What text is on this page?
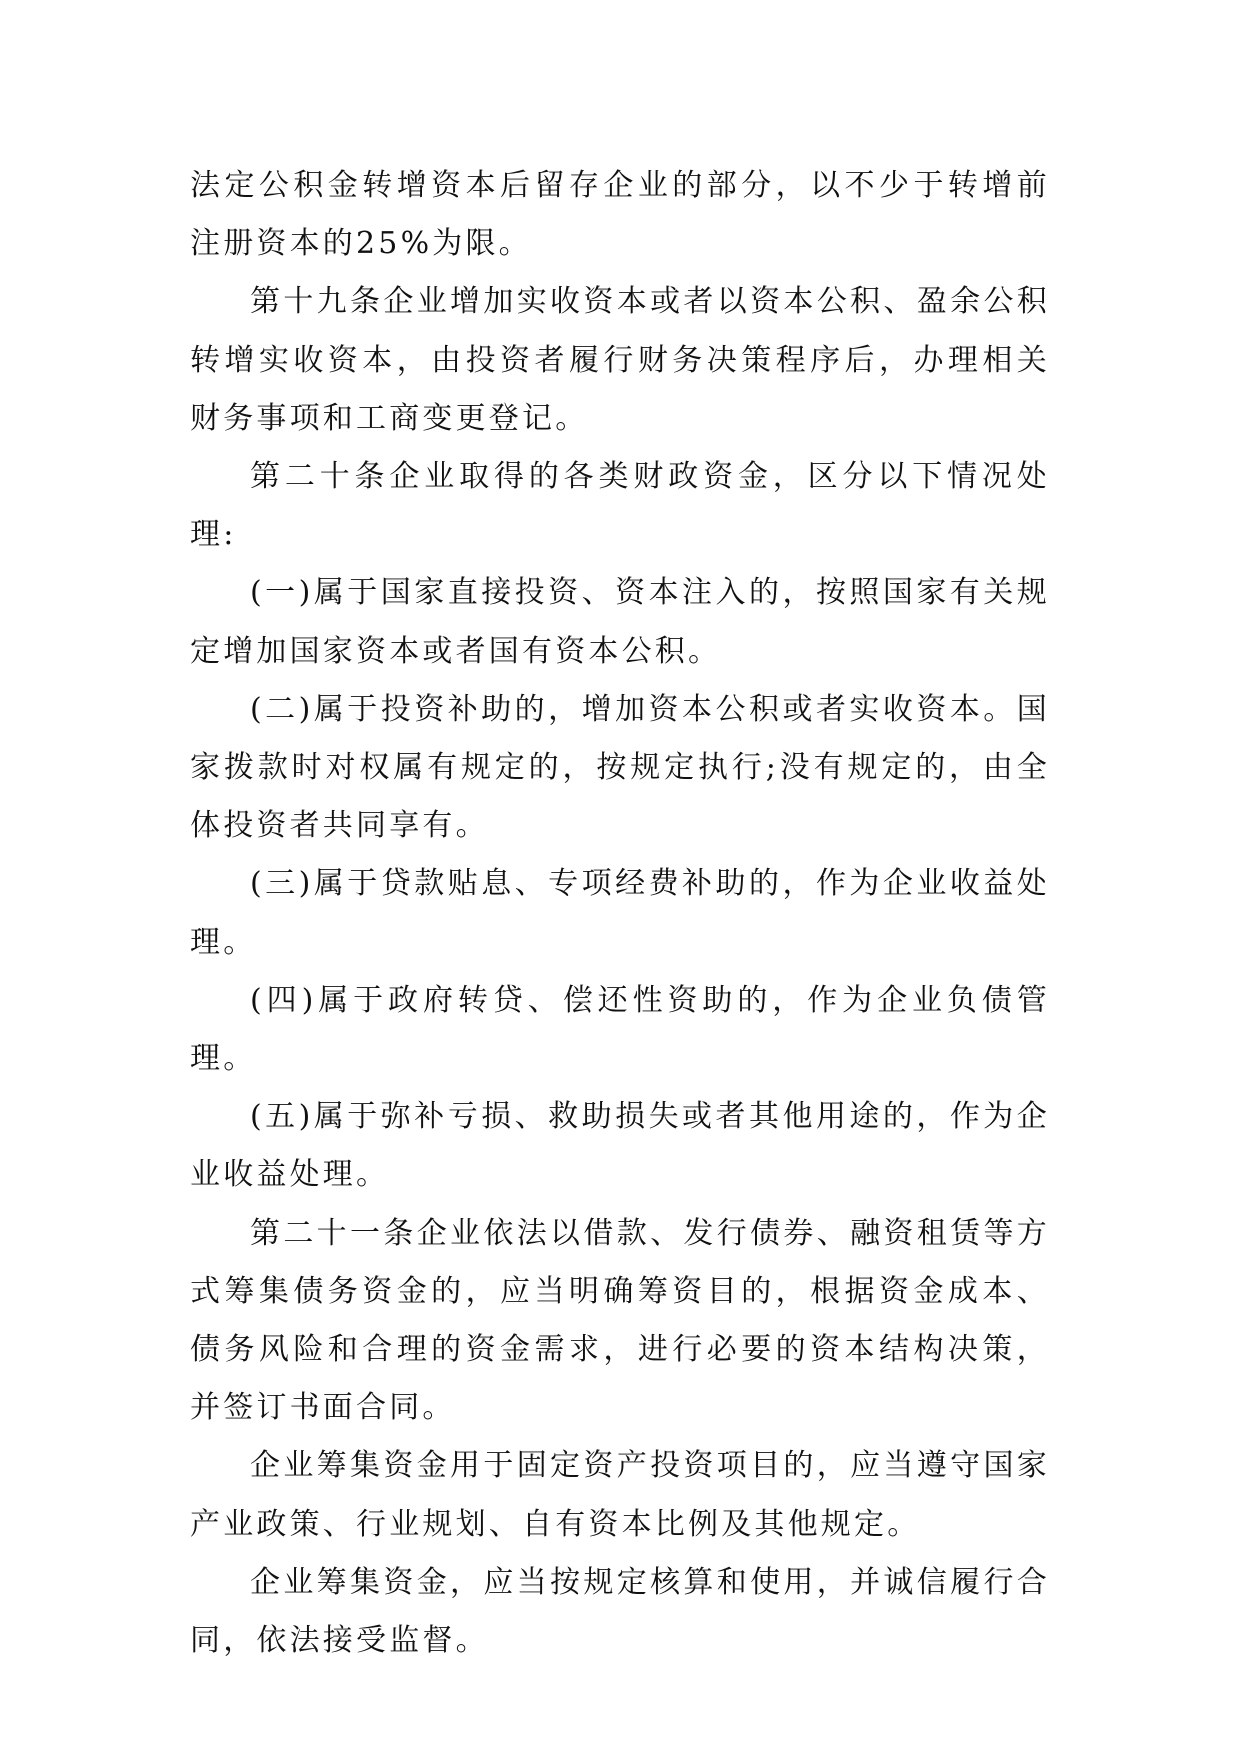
法定公积金转增资本后留存企业的部分，以不少于转增前注册资本的25%为限。

第十九条企业增加实收资本或者以资本公积、盈余公积转增实收资本，由投资者履行财务决策程序后，办理相关财务事项和工商变更登记。

第二十条企业取得的各类财政资金，区分以下情况处理:

(一)属于国家直接投资、资本注入的，按照国家有关规定增加国家资本或者国有资本公积。

(二)属于投资补助的，增加资本公积或者实收资本。国家拨款时对权属有规定的，按规定执行;没有规定的，由全体投资者共同享有。

(三)属于贷款贴息、专项经费补助的，作为企业收益处理。

(四)属于政府转贷、偿还性资助的，作为企业负债管理。

(五)属于弥补亏损、救助损失或者其他用途的，作为企业收益处理。

第二十一条企业依法以借款、发行债券、融资租赁等方式筹集债务资金的，应当明确筹资目的，根据资金成本、债务风险和合理的资金需求，进行必要的资本结构决策，并签订书面合同。

企业筹集资金用于固定资产投资项目的，应当遵守国家产业政策、行业规划、自有资本比例及其他规定。

企业筹集资金，应当按规定核算和使用，并诚信履行合同，依法接受监督。
